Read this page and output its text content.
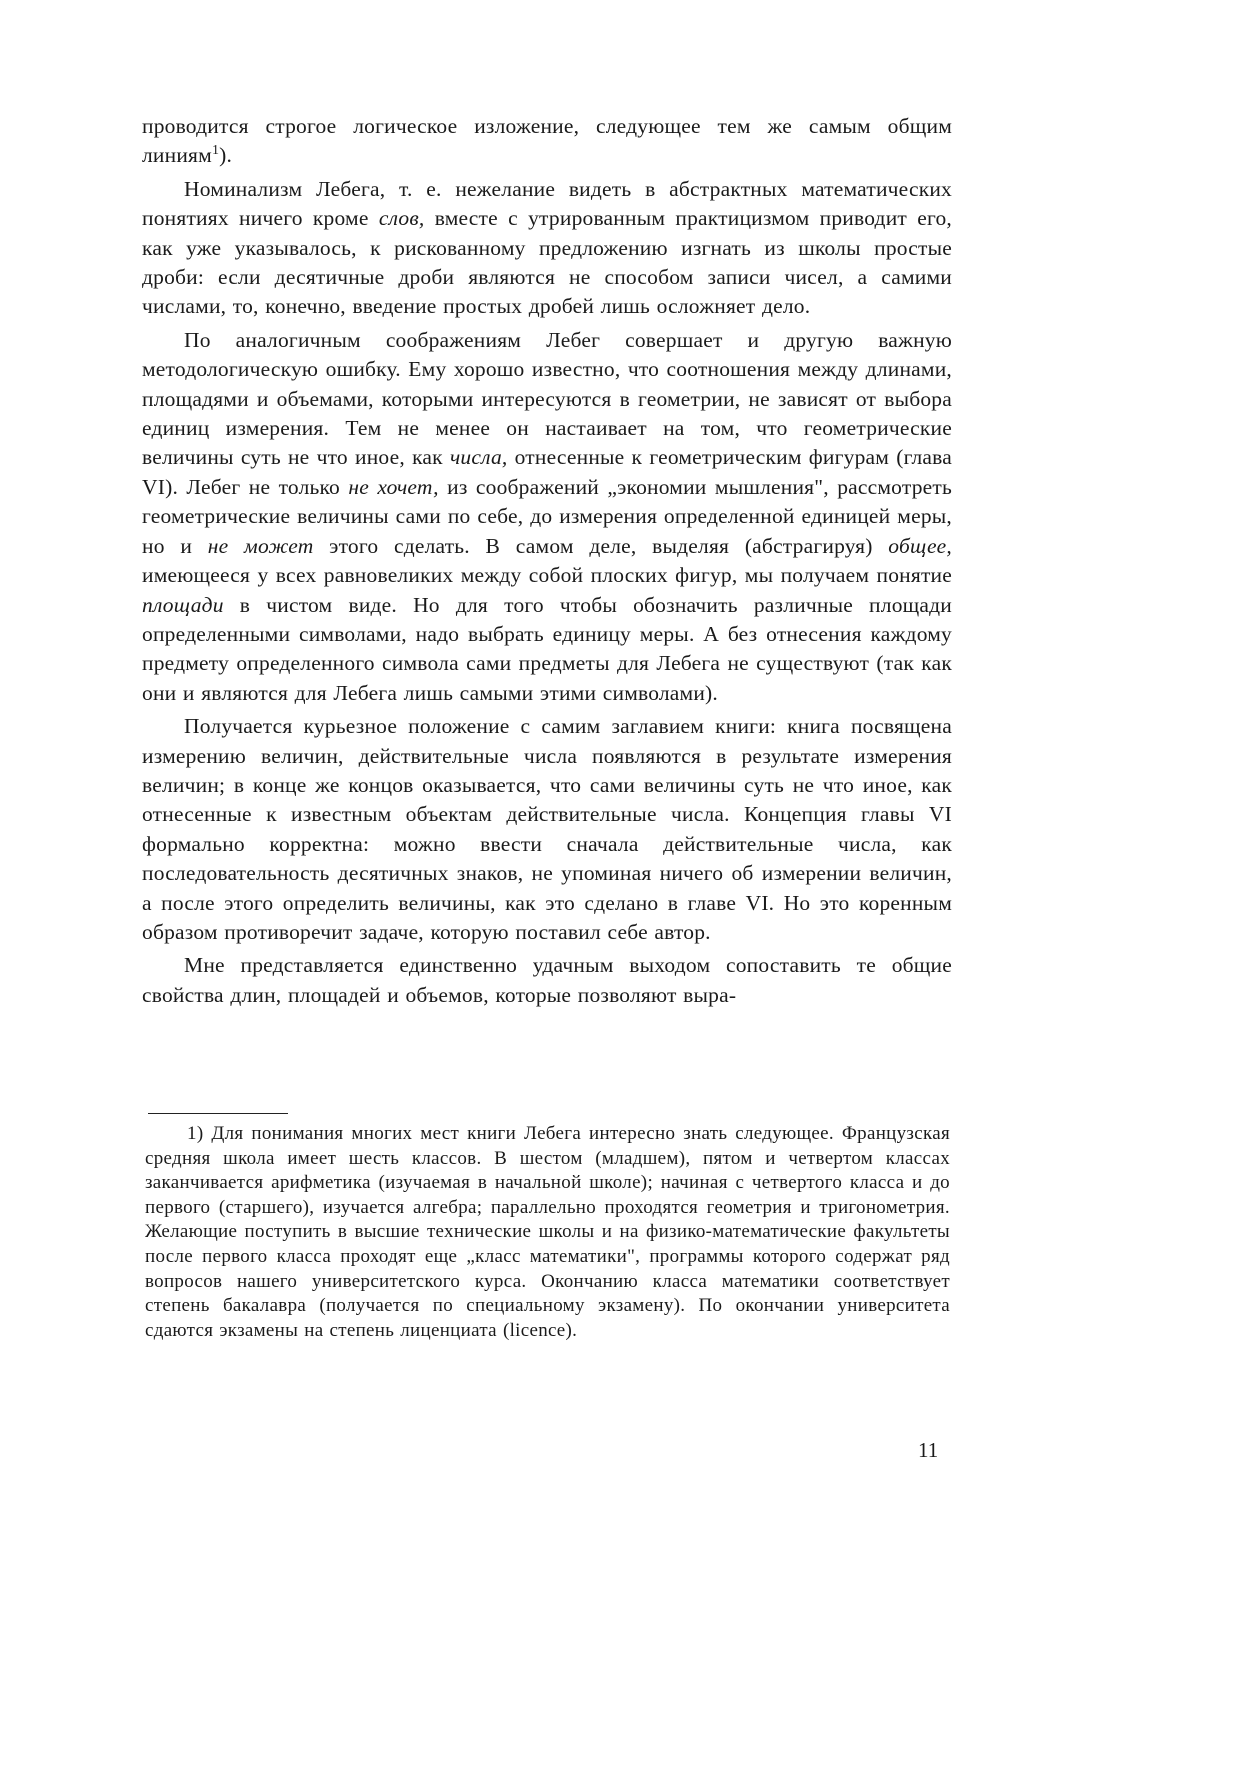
проводится строгое логическое изложение, следующее тем же самым общим линиям$^1$).

Номинализм Лебега, т. е. нежелание видеть в абстрактных математических понятиях ничего кроме слов, вместе с утрированным практицизмом приводит его, как уже указывалось, к рискованному предложению изгнать из школы простые дроби: если десятичные дроби являются не способом записи чисел, а самими числами, то, конечно, введение простых дробей лишь осложняет дело.

По аналогичным соображениям Лебег совершает и другую важную методологическую ошибку. Ему хорошо известно, что соотношения между длинами, площадями и объемами, которыми интересуются в геометрии, не зависят от выбора единиц измерения. Тем не менее он настаивает на том, что геометрические величины суть не что иное, как числа, отнесенные к геометрическим фигурам (глава VI). Лебег не только не хочет, из соображений „экономии мышления", рассмотреть геометрические величины сами по себе, до измерения определенной единицей меры, но и не может этого сделать. В самом деле, выделяя (абстрагируя) общее, имеющееся у всех равновеликих между собой плоских фигур, мы получаем понятие площади в чистом виде. Но для того чтобы обозначить различные площади определенными символами, надо выбрать единицу меры. А без отнесения каждому предмету определенного символа сами предметы для Лебега не существуют (так как они и являются для Лебега лишь самыми этими символами).

Получается курьезное положение с самим заглавием книги: книга посвящена измерению величин, действительные числа появляются в результате измерения величин; в конце же концов оказывается, что сами величины суть не что иное, как отнесенные к известным объектам действительные числа. Концепция главы VI формально корректна: можно ввести сначала действительные числа, как последовательность десятичных знаков, не упоминая ничего об измерении величин, а после этого определить величины, как это сделано в главе VI. Но это коренным образом противоречит задаче, которую поставил себе автор.

Мне представляется единственно удачным выходом сопоставить те общие свойства длин, площадей и объемов, которые позволяют выра-

1) Для понимания многих мест книги Лебега интересно знать следующее. Французская средняя школа имеет шесть классов. В шестом (младшем), пятом и четвертом классах заканчивается арифметика (изучаемая в начальной школе); начиная с четвертого класса и до первого (старшего), изучается алгебра; параллельно проходятся геометрия и тригонометрия. Желающие поступить в высшие технические школы и на физико-математические факультеты после первого класса проходят еще „класс математики", программы которого содержат ряд вопросов нашего университетского курса. Окончанию класса математики соответствует степень бакалавра (получается по специальному экзамену). По окончании университета сдаются экзамены на степень лиценциата (licence).

11
